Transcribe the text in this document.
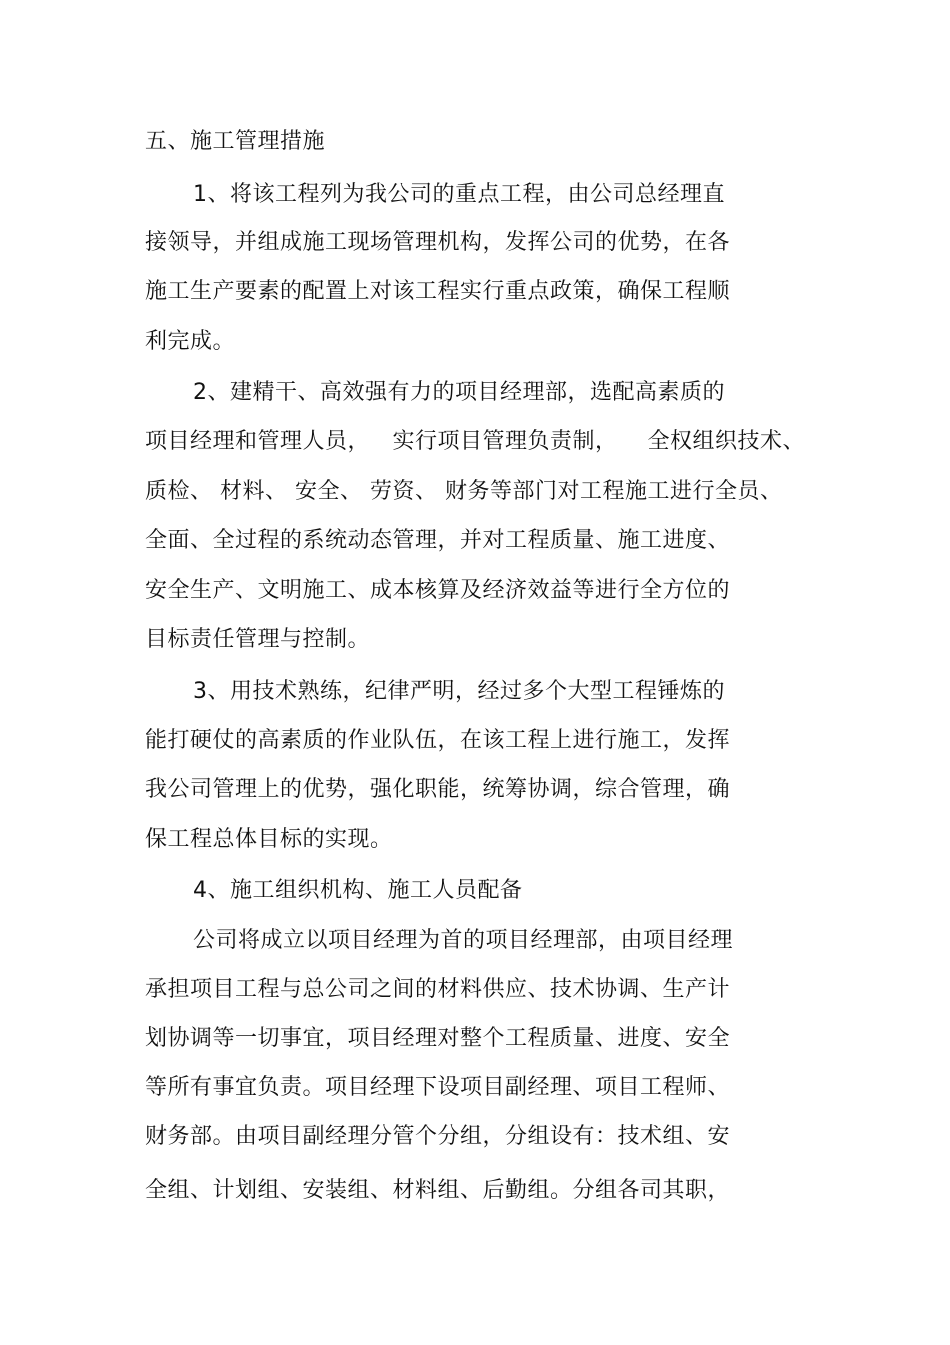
五、施工管理措施
1、将该工程列为我公司的重点工程，由公司总经理直
接领导，并组成施工现场管理机构，发挥公司的优势，在各
施工生产要素的配置上对该工程实行重点政策，确保工程顺
利完成。
2、建精干、高效强有力的项目经理部，选配高素质的
项目经理和管理人员，   实行项目管理负责制，    全权组织技术、
质检、 材料、 安全、 劳资、 财务等部门对工程施工进行全员、
全面、全过程的系统动态管理，并对工程质量、施工进度、
安全生产、文明施工、成本核算及经济效益等进行全方位的
目标责任管理与控制。
3、用技术熟练，纪律严明，经过多个大型工程锤炼的
能打硬仗的高素质的作业队伍，在该工程上进行施工，发挥
我公司管理上的优势，强化职能，统筹协调，综合管理，确
保工程总体目标的实现。
4、施工组织机构、施工人员配备
公司将成立以项目经理为首的项目经理部，由项目经理
承担项目工程与总公司之间的材料供应、技术协调、生产计
划协调等一切事宜，项目经理对整个工程质量、进度、安全
等所有事宜负责。项目经理下设项目副经理、项目工程师、
财务部。由项目副经理分管个分组，分组设有：技术组、安
全组、计划组、安装组、材料组、后勤组。分组各司其职，
